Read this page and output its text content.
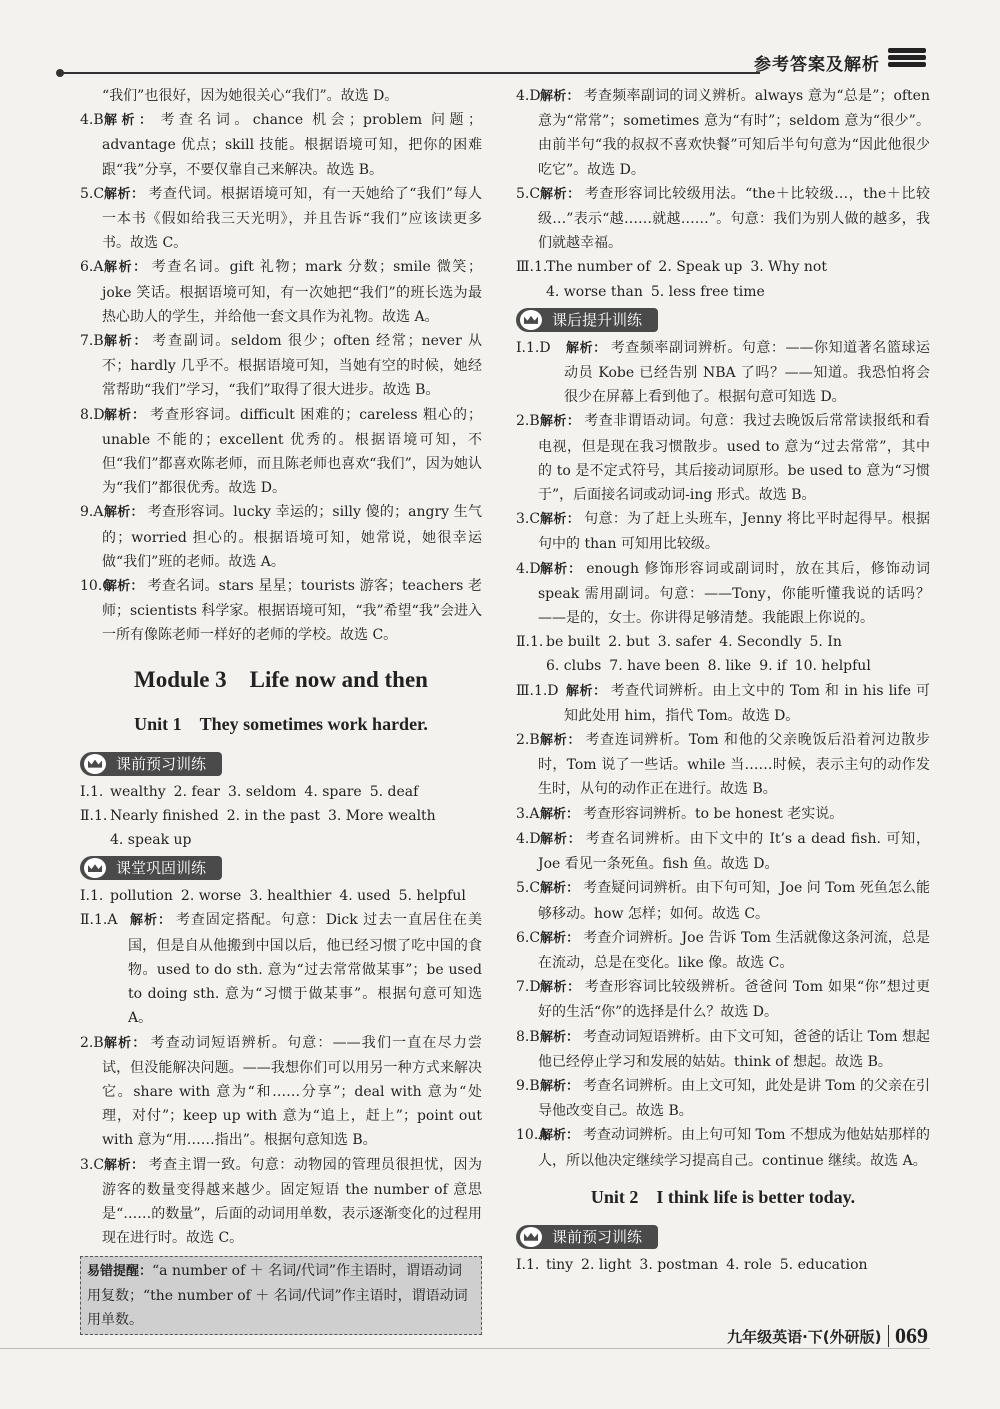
参考答案及解析

“我们”也很好，因为她很关心“我们”。故选 D。

4.B 解析： 考查名词。chance 机会；problem 问题；advantage 优点；skill 技能。根据语境可知，把你的困难跟“我”分享，不要仅靠自己来解决。故选 B。

5.C 解析： 考查代词。根据语境可知，有一天她给了“我们”每人一本书《假如给我三天光明》，并且告诉“我们”应该读更多书。故选 C。

6.A 解析： 考查名词。gift 礼物；mark 分数；smile 微笑；joke 笑话。根据语境可知，有一次她把“我们”的班长选为最热心助人的学生，并给他一套文具作为礼物。故选 A。

7.B 解析： 考查副词。seldom 很少；often 经常；never 从不；hardly 几乎不。根据语境可知，当她有空的时候，她经常帮助“我们”学习，“我们”取得了很大进步。故选 B。

8.D 解析： 考查形容词。difficult 困难的；careless 粗心的；unable 不能的；excellent 优秀的。根据语境可知，不但“我们”都喜欢陈老师，而且陈老师也喜欢“我们”，因为她认为“我们”都很优秀。故选 D。

9.A 解析： 考查形容词。lucky 幸运的；silly 傻的；angry 生气的；worried 担心的。根据语境可知，她常说，她很幸运做“我们”班的老师。故选 A。

10.C
解析： 考查名词。stars 星星；tourists 游客；teachers 老师；scientists 科学家。根据语境可知，“我”希望“我”会进入一所有像陈老师一样好的老师的学校。故选 C。

Module 3　Life now and then
Unit 1　They sometimes work harder.
课前预习训练

Ⅰ.1. wealthy 2. fear 3. seldom 4. spare 5. deaf

Ⅱ.1. Nearly finished 2. in the past 3. More wealth

4. speak up

课堂巩固训练

Ⅰ.1. pollution 2. worse 3. healthier 4. used 5. helpful

Ⅱ.1.A 解析： 考查固定搭配。句意：Dick 过去一直居住在美国，但是自从他搬到中国以后，他已经习惯了吃中国的食物。used to do sth. 意为“过去常常做某事”；be used to doing sth. 意为“习惯于做某事”。根据句意可知选 A。

2.B 解析： 考查动词短语辨析。句意：——我们一直在尽力尝试，但没能解决问题。——我想你们可以用另一种方式来解决它。share with 意为“和……分享”；deal with 意为“处理，对付”；keep up with 意为“追上，赶上”；point out with 意为“用……指出”。根据句意知选 B。

3.C 解析： 考查主谓一致。句意：动物园的管理员很担忧，因为游客的数量变得越来越少。固定短语 the number of 意思是“……的数量”，后面的动词用单数，表示逐渐变化的过程用现在进行时。故选 C。

易错提醒：“a number of ＋ 名词/代词”作主语时，谓语动词用复数；“the number of ＋ 名词/代词”作主语时，谓语动词用单数。

4.D 解析： 考查频率副词的词义辨析。always 意为“总是”；often 意为“常常”；sometimes 意为“有时”；seldom 意为“很少”。由前半句“我的叔叔不喜欢快餐”可知后半句句意为“因此他很少吃它”。故选 D。

5.C 解析： 考查形容词比较级用法。“the＋比较级…，the＋比较级…”表示“越……就越……”。句意：我们为别人做的越多，我们就越幸福。

Ⅲ.1.
The number of 2. Speak up 3. Why not

4. worse than 5. less free time

课后提升训练

Ⅰ.1.D 解析： 考查频率副词辨析。句意：——你知道著名篮球运动员 Kobe 已经告别 NBA 了吗？——知道。我恐怕将会很少在屏幕上看到他了。根据句意可知选 D。

2.B 解析： 考查非谓语动词。句意：我过去晚饭后常常读报纸和看电视，但是现在我习惯散步。used to 意为“过去常常”，其中的 to 是不定式符号，其后接动词原形。be used to 意为“习惯于”，后面接名词或动词-ing 形式。故选 B。

3.C 解析： 句意：为了赶上头班车，Jenny 将比平时起得早。根据句中的 than 可知用比较级。

4.D 解析： enough 修饰形容词或副词时，放在其后，修饰动词 speak 需用副词。句意：——Tony，你能听懂我说的话吗？——是的，女士。你讲得足够清楚。我能跟上你说的。

Ⅱ.1. be built 2. but 3. safer 4. Secondly 5. In

6. clubs 7. have been 8. like 9. if 10. helpful

Ⅲ.1.D 解析： 考查代词辨析。由上文中的 Tom 和 in his life 可知此处用 him，指代 Tom。故选 D。

2.B 解析： 考查连词辨析。Tom 和他的父亲晚饭后沿着河边散步时，Tom 说了一些话。while 当……时候，表示主句的动作发生时，从句的动作正在进行。故选 B。

3.A 解析： 考查形容词辨析。to be honest 老实说。

4.D 解析： 考查名词辨析。由下文中的 It’s a dead fish. 可知，Joe 看见一条死鱼。fish 鱼。故选 D。

5.C 解析： 考查疑问词辨析。由下句可知，Joe 问 Tom 死鱼怎么能够移动。how 怎样；如何。故选 C。

6.C 解析： 考查介词辨析。Joe 告诉 Tom 生活就像这条河流，总是在流动，总是在变化。like 像。故选 C。

7.D 解析： 考查形容词比较级辨析。爸爸问 Tom 如果“你”想过更好的生活“你”的选择是什么？故选 D。

8.B 解析： 考查动词短语辨析。由下文可知，爸爸的话让 Tom 想起他已经停止学习和发展的姑姑。think of 想起。故选 B。

9.B 解析： 考查名词辨析。由上文可知，此处是讲 Tom 的父亲在引导他改变自己。故选 B。

10.A
解析： 考查动词辨析。由上句可知 Tom 不想成为他姑姑那样的人，所以他决定继续学习提高自己。continue 继续。故选 A。

Unit 2　I think life is better today.
课前预习训练

Ⅰ.1. tiny 2. light 3. postman 4. role 5. education

九年级英语·下(外研版) 069
